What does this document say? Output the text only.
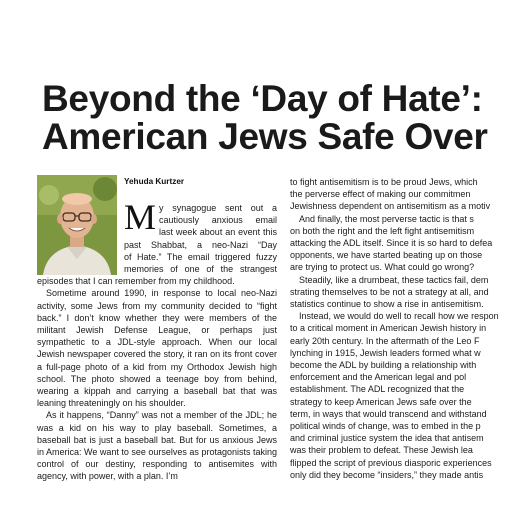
Beyond the ‘Day of Hate’:
American Jews Safe Over
Yehuda Kurtzer
M y synagogue sent out a
cautiously anxious email
last week about an event this
past Shabbat, a neo-Nazi “Day
of Hate.” The email triggered fuzzy
memories of one of the strangest

episodes that I can remember from my childhood.

Sometime around 1990, in response to local neo-Nazi activity, some Jews from my community decided to “fight back.” I don’t know whether they were members of the militant Jewish Defense League, or perhaps just sympathetic to a JDL-style approach. When our local Jewish newspaper covered the story, it ran on its front cover a full-page photo of a kid from my Orthodox Jewish high school. The photo showed a teenage boy from behind, wearing a kippah and carrying a baseball bat that was leaning threateningly on his shoulder.

As it happens, “Danny” was not a member of the JDL; he was a kid on his way to play baseball. Sometimes, a baseball bat is just a baseball bat. But for us anxious Jews in America: We want to see ourselves as protagonists taking control of our destiny, responding to antisemites with agency, with power, with a plan. I’m

to fight antisemitism is to be proud Jews, which
the perverse effect of making our commitmen
Jewishness dependent on antisemitism as a motiv
And finally, the most perverse tactic is that s
on both the right and the left fight antisemitism
attacking the ADL itself. Since it is so hard to defea
opponents, we have started beating up on those
are trying to protect us. What could go wrong?
Steadily, like a drumbeat, these tactics fail, dem
strating themselves to be not a strategy at all, and
statistics continue to show a rise in antisemitism.
Instead, we would do well to recall how we respon
to a critical moment in American Jewish history in
early 20th century. In the aftermath of the Leo F
lynching in 1915, Jewish leaders formed what w
become the ADL by building a relationship with
enforcement and the American legal and pol
establishment. The ADL recognized that the
strategy to keep American Jews safe over the
term, in ways that would transcend and withstand
political winds of change, was to embed in the p
and criminal justice system the idea that antisem
was their problem to defeat. These Jewish lea
flipped the script of previous diasporic experiences
only did they become “insiders,” they made antis
